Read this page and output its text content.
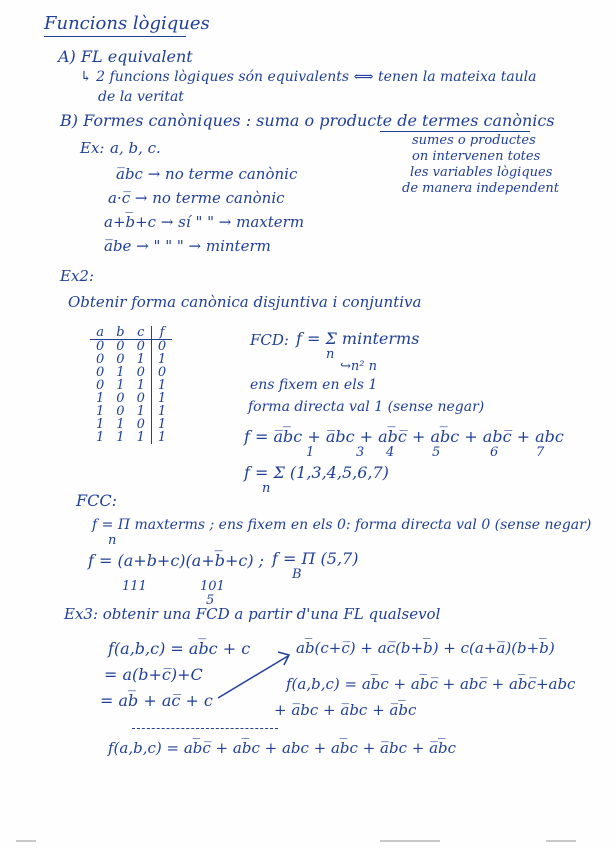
Funcions lògiques
A) FL equivalent
↳ 2 funcions lògiques són equivalents ⟺ tenen la mateixa taula
de la veritat
B) Formes canòniques : suma o producte de termes canònics
sumes o productes
on intervenen totes
les variables lògiques
de manera independent
Ex: a, b, c.
a̅bc → no terme canònic
a·c̅ → no terme canònic
a+b̅+c → sí " " → maxterm
a̅be → " " " → minterm
Ex2:
Obtenir forma canònica disjuntiva i conjuntiva
a	b	c	f
0	0	0	0
0	0	1	1
0	1	0	0
0	1	1	1
1	0	0	1
1	0	1	1
1	1	0	1
1	1	1	1
FCD: f = Σ minterms
n
↪n² n
ens fixem en els 1
forma directa val 1 (sense negar)
f = a̅b̅c + a̅bc + ab̅c̅ + ab̅c + abc̅ + abc
1	3 4	5	6	7
f = Σ (1,3,4,5,6,7)
n
FCC:
f = Π maxterms ; ens fixem en els 0: forma directa val 0 (sense negar)
n
f = (a+b+c)(a+b̅+c) ; f = Π (5,7)
B
111	101
5
Ex3: obtenir una FCD a partir d'una FL qualsevol
f(a,b,c) = ab̅c + c
= a(b+c̅)+C
= ab̅ + ac̅ + c
ab̅(c+c̅) + ac̅(b+b̅) + c(a+a̅)(b+b̅)
f(a,b,c) = ab̅c + ab̅c̅ + abc̅ + ab̅c̅+abc
+ a̅bc + a̅bc + a̅b̅c
f(a,b,c) = ab̅c̅ + ab̅c + abc + ab̅c + a̅bc + a̅b̅c
